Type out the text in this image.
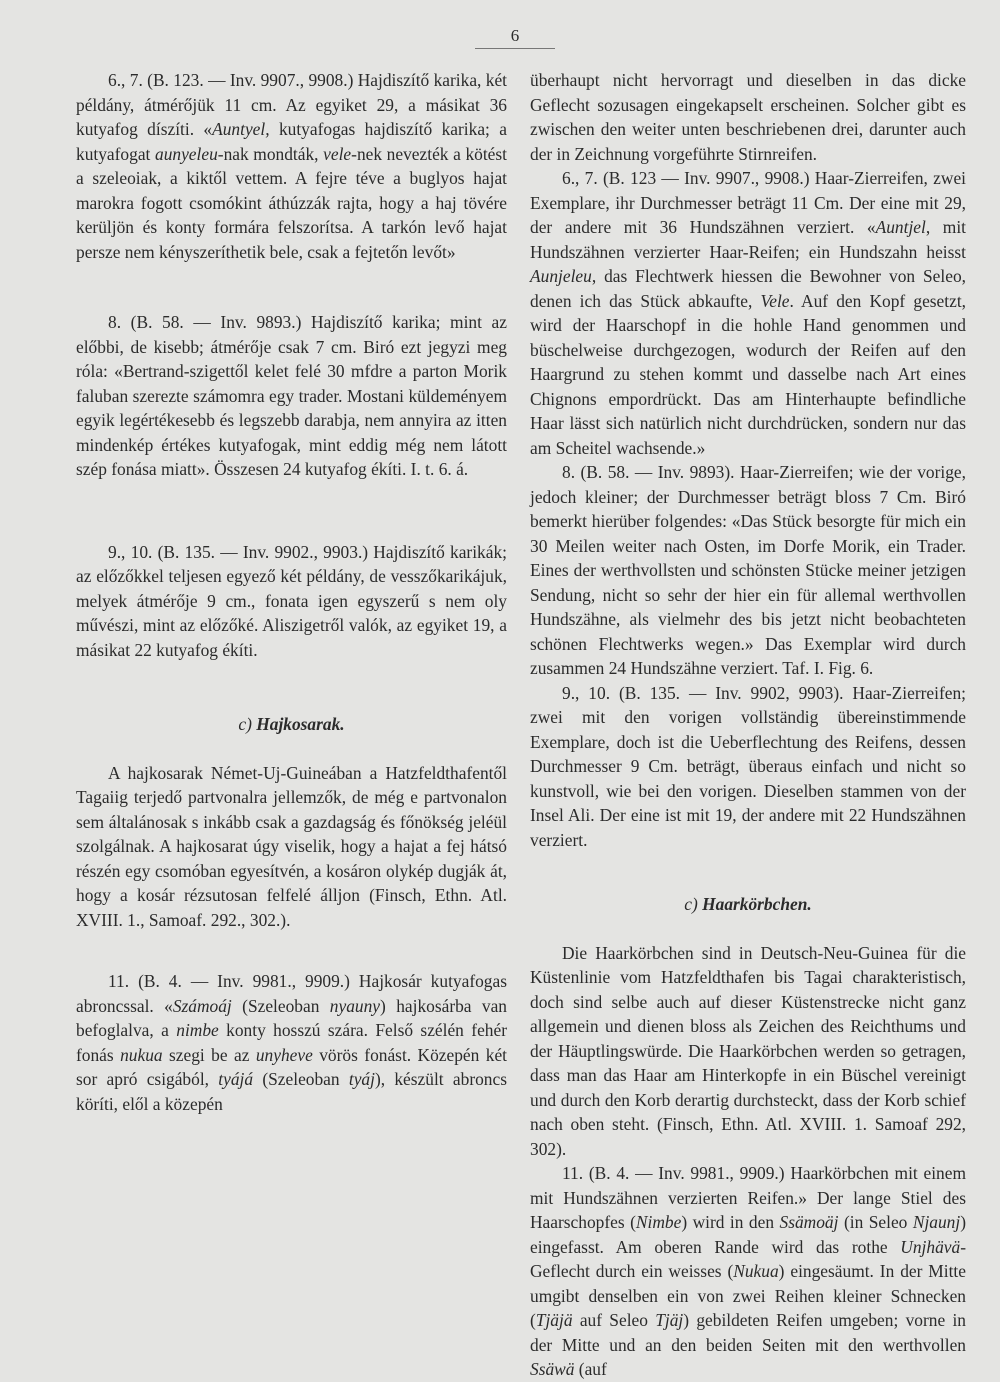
6

6., 7. (B. 123. — Inv. 9907., 9908.) Hajdiszítő karika, két példány, átmérőjük 11 cm. Az egyiket 29, a másikat 36 kutyafog díszíti. «Auntyel, kutyafogas hajdiszítő karika; a kutyafogat aunyeleu-nak mondták, vele-nek nevezték a kötést a szeleoiak, a kiktől vettem. A fejre téve a buglyos hajat marokra fogott csomókint áthúzzák rajta, hogy a haj tövére kerüljön és konty formára felszorítsa. A tarkón levő hajat persze nem kényszeríthetik bele, csak a fejtetőn levőt»

8. (B. 58. — Inv. 9893.) Hajdiszítő karika; mint az előbbi, de kisebb; átmérője csak 7 cm. Biró ezt jegyzi meg róla: «Bertrand-szigettől kelet felé 30 mfdre a parton Morik faluban szerezte számomra egy trader. Mostani küldeményem egyik legértékesebb és legszebb darabja, nem annyira az itten mindenkép értékes kutyafogak, mint eddig még nem látott szép fonása miatt». Összesen 24 kutyafog ékíti. I. t. 6. á.

9., 10. (B. 135. — Inv. 9902., 9903.) Hajdiszítő karikák; az előzőkkel teljesen egyező két példány, de vesszőkarikájuk, melyek átmérője 9 cm., fonata igen egyszerű s nem oly művészi, mint az előzőké. Aliszigetről valók, az egyiket 19, a másikat 22 kutyafog ékíti.

c) Hajkosarak.

A hajkosarak Német-Uj-Guineában a Hatzfeldthafentől Tagaiig terjedő partvonalra jellemzők, de még e partvonalon sem általánosak s inkább csak a gazdagság és főnökség jeléül szolgálnak. A hajkosarat úgy viselik, hogy a hajat a fej hátsó részén egy csomóban egyesítvén, a kosáron olykép dugják át, hogy a kosár rézsutosan felfelé álljon (Finsch, Ethn. Atl. XVIII. 1., Samoaf. 292., 302.).

11. (B. 4. — Inv. 9981., 9909.) Hajkosár kutyafogas abroncssal. «Számoáj (Szeleoban nyauny) hajkosárba van befoglalva, a nimbe konty hosszú szára. Felső szélén fehér fonás nukua szegi be az unyheve vörös fonást. Közepén két sor apró csigából, tyájá (Szeleoban tyáj), készült abroncs köríti, elől a közepén

überhaupt nicht hervorragt und dieselben in das dicke Geflecht sozusagen eingekapselt erscheinen. Solcher gibt es zwischen den weiter unten beschriebenen drei, darunter auch der in Zeichnung vorgeführte Stirnreifen.

6., 7. (B. 123 — Inv. 9907., 9908.) Haar-Zierreifen, zwei Exemplare, ihr Durchmesser beträgt 11 Cm. Der eine mit 29, der andere mit 36 Hundszähnen verziert. «Auntjel, mit Hundszähnen verzierter Haar-Reifen; ein Hundszahn heisst Aunjeleu, das Flechtwerk hiessen die Bewohner von Seleo, denen ich das Stück abkaufte, Vele. Auf den Kopf gesetzt, wird der Haarschopf in die hohle Hand genommen und büschelweise durchgezogen, wodurch der Reifen auf den Haargrund zu stehen kommt und dasselbe nach Art eines Chignons empordrückt. Das am Hinterhaupte befindliche Haar lässt sich natürlich nicht durchdrücken, sondern nur das am Scheitel wachsende.»

8. (B. 58. — Inv. 9893). Haar-Zierreifen; wie der vorige, jedoch kleiner; der Durchmesser beträgt bloss 7 Cm. Biró bemerkt hierüber folgendes: «Das Stück besorgte für mich ein 30 Meilen weiter nach Osten, im Dorfe Morik, ein Trader. Eines der werthvollsten und schönsten Stücke meiner jetzigen Sendung, nicht so sehr der hier ein für allemal werthvollen Hundszähne, als vielmehr des bis jetzt nicht beobachteten schönen Flechtwerks wegen.» Das Exemplar wird durch zusammen 24 Hundszähne verziert. Taf. I. Fig. 6.

9., 10. (B. 135. — Inv. 9902, 9903). Haar-Zierreifen; zwei mit den vorigen vollständig übereinstimmende Exemplare, doch ist die Ueberflechtung des Reifens, dessen Durchmesser 9 Cm. beträgt, überaus einfach und nicht so kunstvoll, wie bei den vorigen. Dieselben stammen von der Insel Ali. Der eine ist mit 19, der andere mit 22 Hundszähnen verziert.

c) Haarkörbchen.

Die Haarkörbchen sind in Deutsch-Neu-Guinea für die Küstenlinie vom Hatzfeldthafen bis Tagai charakteristisch, doch sind selbe auch auf dieser Küstenstrecke nicht ganz allgemein und dienen bloss als Zeichen des Reichthums und der Häuptlingswürde. Die Haarkörbchen werden so getragen, dass man das Haar am Hinterkopfe in ein Büschel vereinigt und durch den Korb derartig durchsteckt, dass der Korb schief nach oben steht. (Finsch, Ethn. Atl. XVIII. 1. Samoaf 292, 302).

11. (B. 4. — Inv. 9981., 9909.) Haarkörbchen mit einem mit Hundszähnen verzierten Reifen.» Der lange Stiel des Haarschopfes (Nimbe) wird in den Ssämoäj (in Seleo Njaunj) eingefasst. Am oberen Rande wird das rothe Unjhävä-Geflecht durch ein weisses (Nukua) eingesäumt. In der Mitte umgibt denselben ein von zwei Reihen kleiner Schnecken (Tjäjä auf Seleo Tjäj) gebildeten Reifen umgeben; vorne in der Mitte und an den beiden Seiten mit den werthvollen Ssäwä (auf
